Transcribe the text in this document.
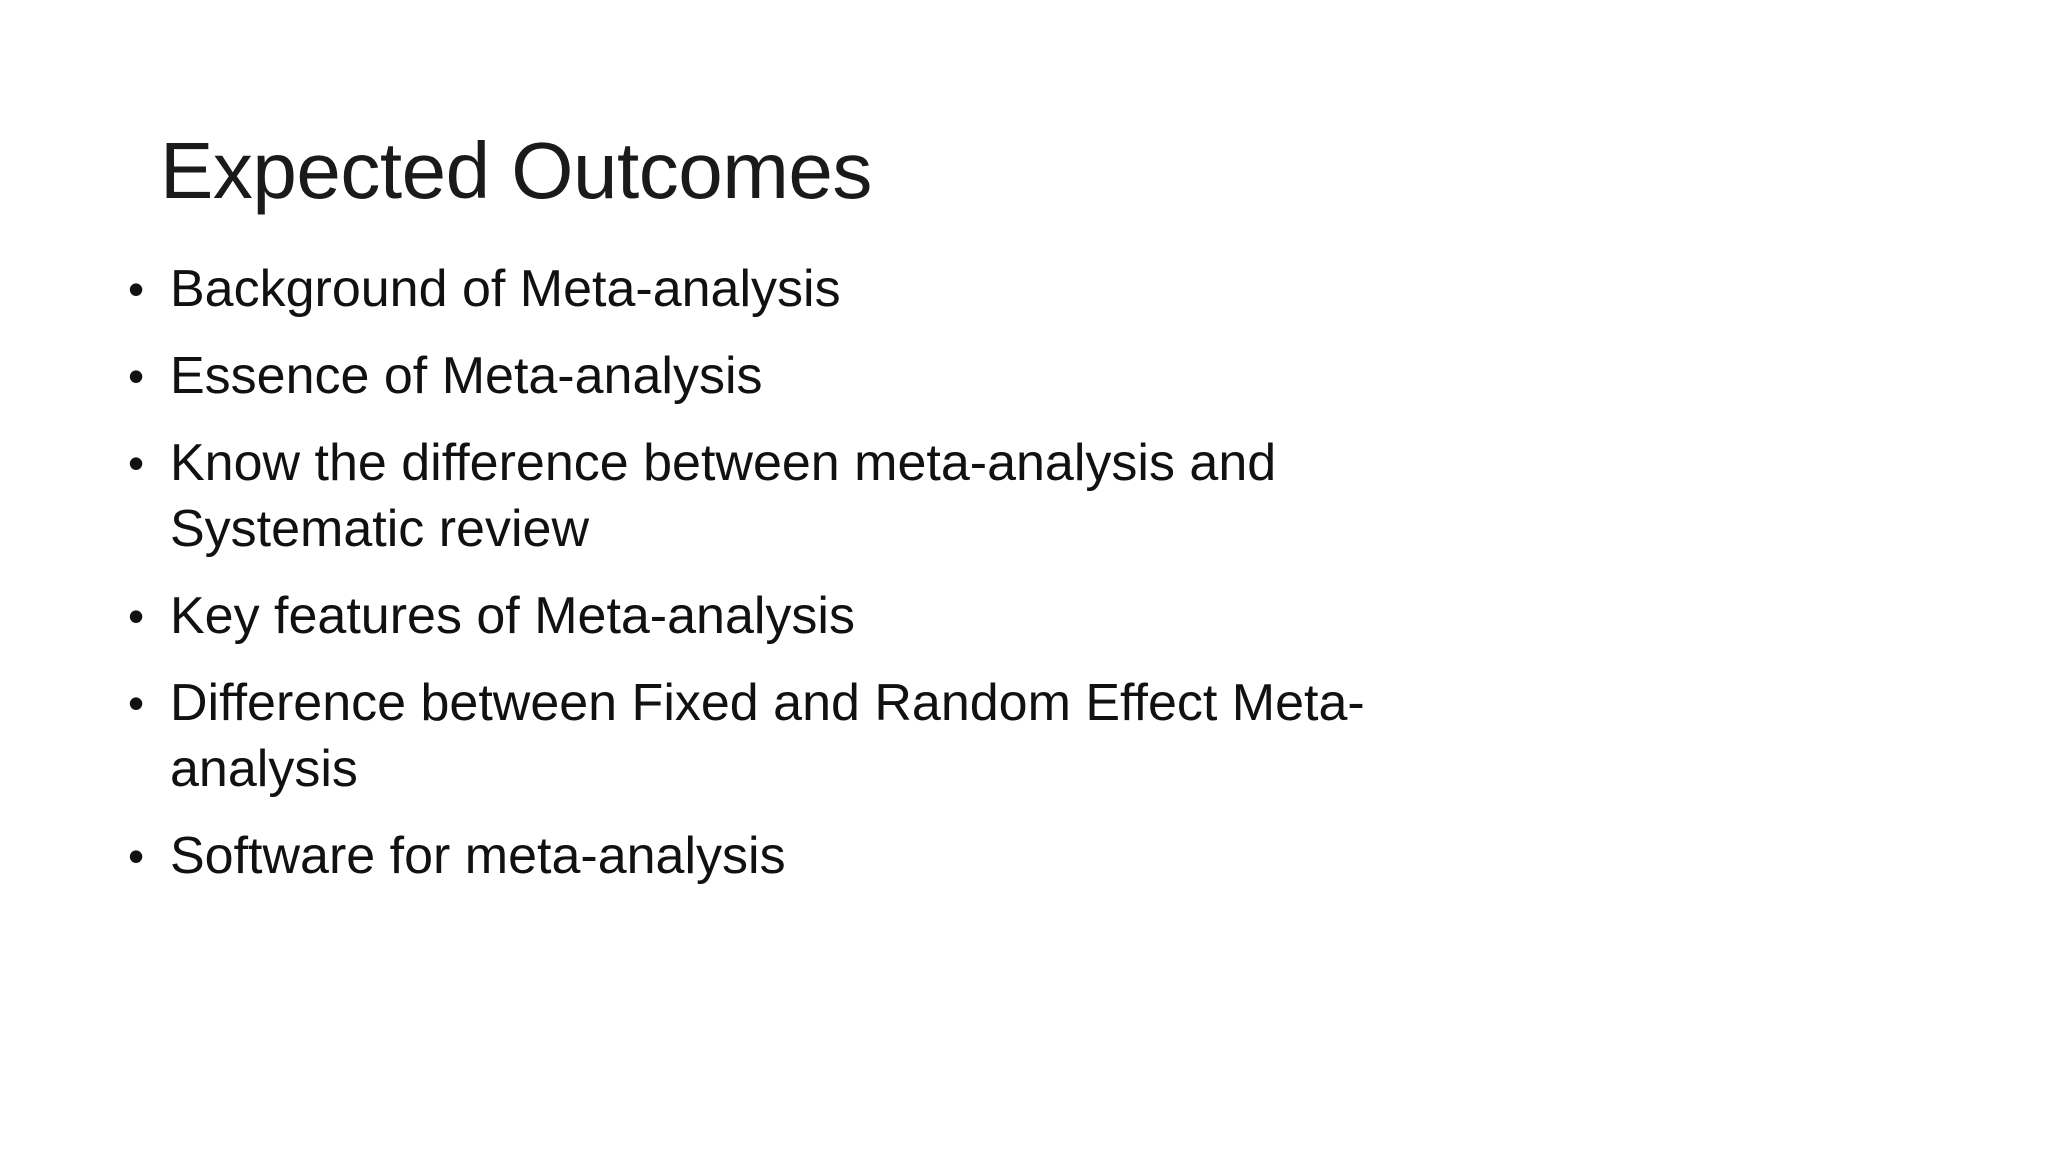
Expected Outcomes
• Background of Meta-analysis
• Essence of Meta-analysis
• Know the difference between meta-analysis and Systematic review
• Key features of Meta-analysis
• Difference between Fixed and Random Effect Meta-analysis
• Software for meta-analysis
